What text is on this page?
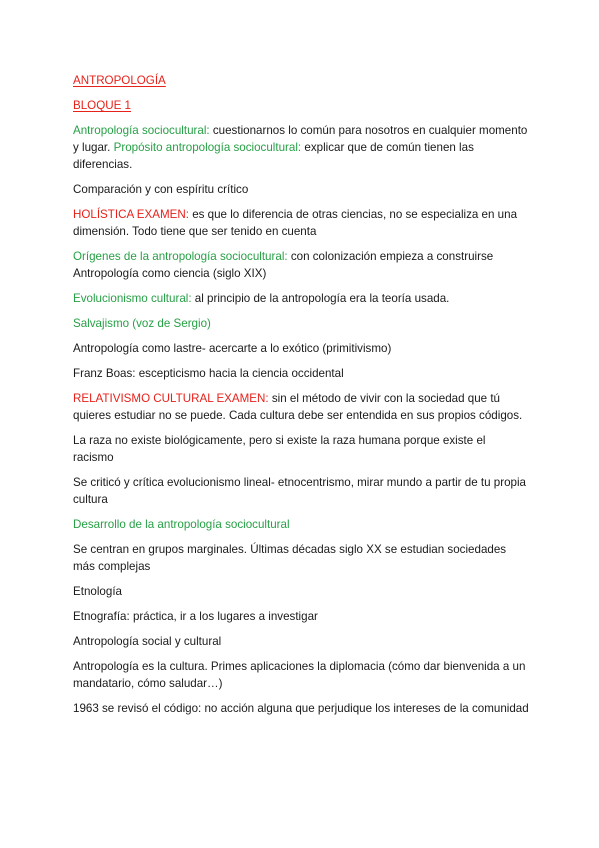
ANTROPOLOGÍA

BLOQUE 1

Antropología sociocultural: cuestionarnos lo común para nosotros en cualquier momento y lugar. Propósito antropología sociocultural: explicar que de común tienen las diferencias.

Comparación y con espíritu crítico

HOLÍSTICA EXAMEN: es que lo diferencia de otras ciencias, no se especializa en una dimensión. Todo tiene que ser tenido en cuenta

Orígenes de la antropología sociocultural: con colonización empieza a construirse Antropología como ciencia (siglo XIX)

Evolucionismo cultural: al principio de la antropología era la teoría usada.

Salvajismo (voz de Sergio)

Antropología como lastre- acercarte a lo exótico (primitivismo)

Franz Boas: escepticismo hacia la ciencia occidental

RELATIVISMO CULTURAL EXAMEN: sin el método de vivir con la sociedad que tú quieres estudiar no se puede. Cada cultura debe ser entendida en sus propios códigos.

La raza no existe biológicamente, pero si existe la raza humana porque existe el racismo

Se criticó y crítica evolucionismo lineal- etnocentrismo, mirar mundo a partir de tu propia cultura

Desarrollo de la antropología sociocultural

Se centran en grupos marginales. Últimas décadas siglo XX se estudian sociedades más complejas

Etnología

Etnografía: práctica, ir a los lugares a investigar

Antropología social y cultural

Antropología es la cultura. Primes aplicaciones la diplomacia (cómo dar bienvenida a un mandatario, cómo saludar…)

1963 se revisó el código: no acción alguna que perjudique los intereses de la comunidad
